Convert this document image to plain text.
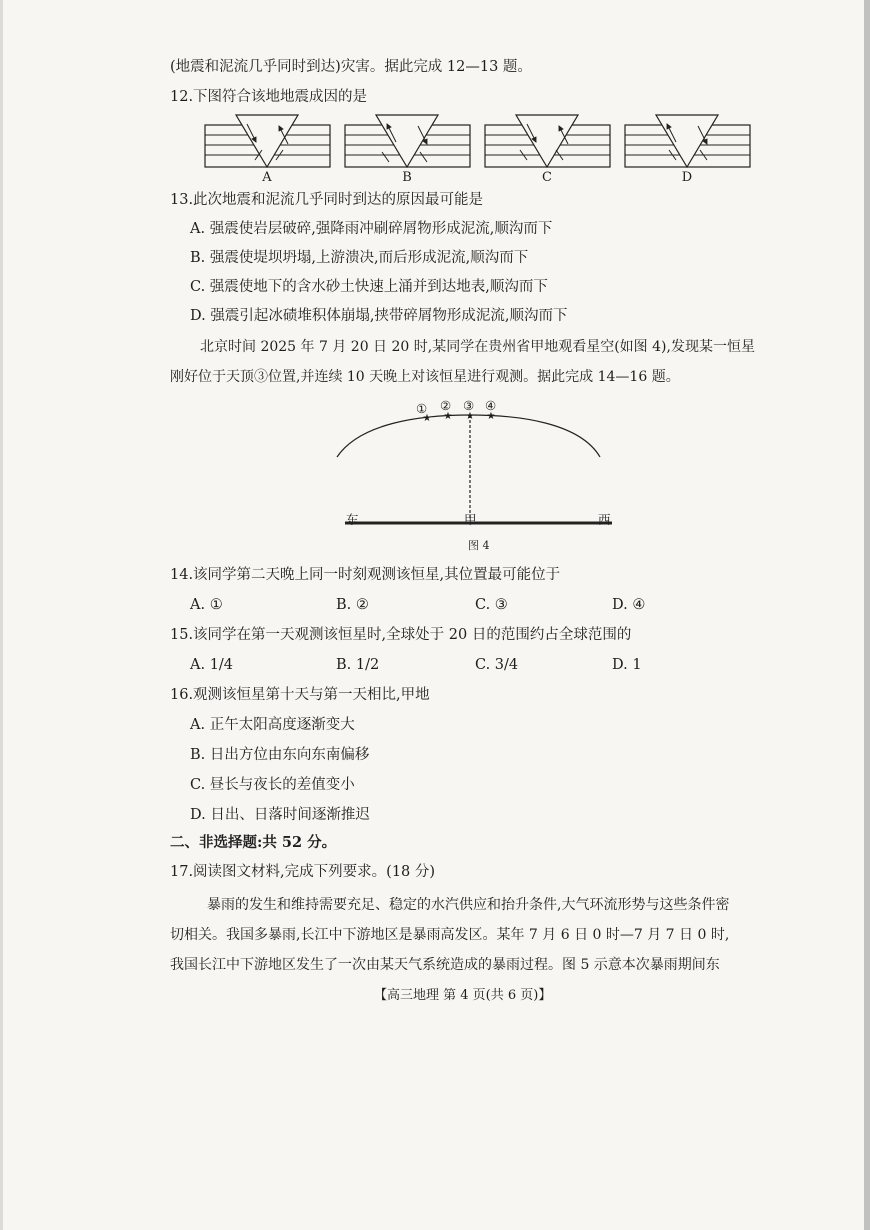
(地震和泥流几乎同时到达)灾害。据此完成 12—13 题。
12.下图符合该地地震成因的是
A	B	C	D
13.此次地震和泥流几乎同时到达的原因最可能是
A. 强震使岩层破碎,强降雨冲刷碎屑物形成泥流,顺沟而下
B. 强震使堤坝坍塌,上游溃决,而后形成泥流,顺沟而下
C. 强震使地下的含水砂土快速上涌并到达地表,顺沟而下
D. 强震引起冰碛堆积体崩塌,挟带碎屑物形成泥流,顺沟而下
北京时间 2025 年 7 月 20 日 20 时,某同学在贵州省甲地观看星空(如图 4),发现某一恒星
刚好位于天顶③位置,并连续 10 天晚上对该恒星进行观测。据此完成 14—16 题。
★ ★ ★ ★
① ② ③ ④
东	甲	西
图 4
14.该同学第二天晚上同一时刻观测该恒星,其位置最可能位于
A. ①	B. ②	C. ③	D. ④
15.该同学在第一天观测该恒星时,全球处于 20 日的范围约占全球范围的
A. 1/4	B. 1/2	C. 3/4	D. 1
16.观测该恒星第十天与第一天相比,甲地
A. 正午太阳高度逐渐变大
B. 日出方位由东向东南偏移
C. 昼长与夜长的差值变小
D. 日出、日落时间逐渐推迟
二、非选择题:共 52 分。
17.阅读图文材料,完成下列要求。(18 分)
暴雨的发生和维持需要充足、稳定的水汽供应和抬升条件,大气环流形势与这些条件密
切相关。我国多暴雨,长江中下游地区是暴雨高发区。某年 7 月 6 日 0 时—7 月 7 日 0 时,
我国长江中下游地区发生了一次由某天气系统造成的暴雨过程。图 5 示意本次暴雨期间东
【高三地理 第 4 页(共 6 页)】
